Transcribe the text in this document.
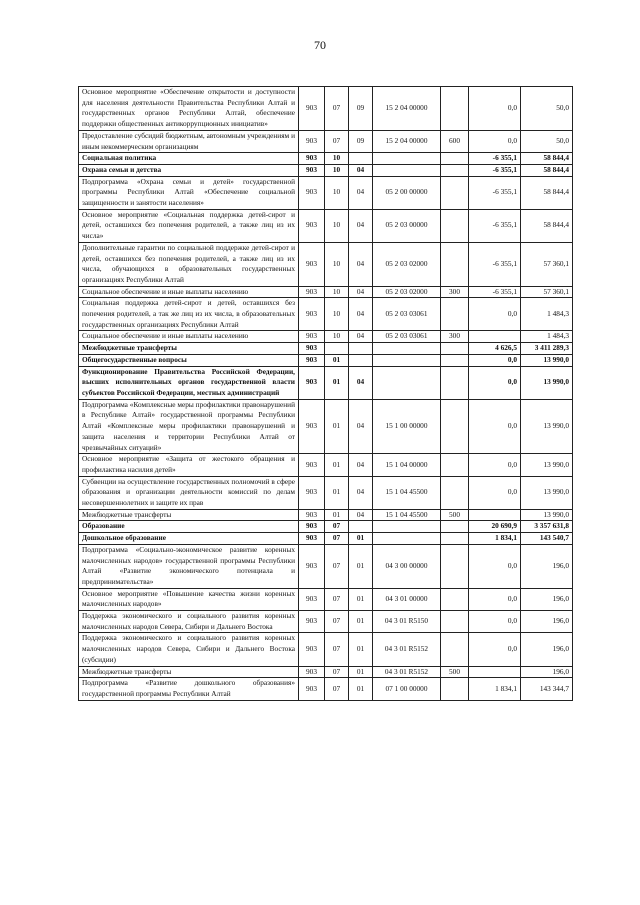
70
Основное мероприятие «Обеспечение открытости и доступности для населения деятельности Правительства Республики Алтай и государственных органов Республики Алтай, обеспечение поддержки общественных антикоррупционных инициатив»	903	07	09	15 2 04 00000		0,0	50,0
Предоставление субсидий бюджетным, автономным учреждениям и иным некоммерческим организациям	903	07	09	15 2 04 00000	600	0,0	50,0
Социальная политика	903	10				-6 355,1	58 844,4
Охрана семьи и детства	903	10	04			-6 355,1	58 844,4
Подпрограмма «Охрана семьи и детей» государственной программы Республики Алтай «Обеспечение социальной защищенности и занятости населения»	903	10	04	05 2 00 00000		-6 355,1	58 844,4
Основное мероприятие «Социальная поддержка детей-сирот и детей, оставшихся без попечения родителей, а также лиц из их числа»	903	10	04	05 2 03 00000		-6 355,1	58 844,4
Дополнительные гарантии по социальной поддержке детей-сирот и детей, оставшихся без попечения родителей, а также лиц из их числа, обучающихся в образовательных государственных организациях Республики Алтай	903	10	04	05 2 03 02000		-6 355,1	57 360,1
Социальное обеспечение и иные выплаты населению	903	10	04	05 2 03 02000	300	-6 355,1	57 360,1
Социальная поддержка детей-сирот и детей, оставшихся без попечения родителей, а так же лиц из их числа, в образовательных государственных организациях Республики Алтай	903	10	04	05 2 03 03061		0,0	1 484,3
Социальное обеспечение и иные выплаты населению	903	10	04	05 2 03 03061	300		1 484,3
Межбюджетные трансферты	903					4 626,5	3 411 289,3
Общегосударственные вопросы	903	01				0,0	13 990,0
Функционирование Правительства Российской Федерации, высших исполнительных органов государственной власти субъектов Российской Федерации, местных администраций	903	01	04			0,0	13 990,0
Подпрограмма «Комплексные меры профилактики правонарушений в Республике Алтай» государственной программы Республики Алтай «Комплексные меры профилактики правонарушений и защита населения и территории Республики Алтай от чрезвычайных ситуаций»	903	01	04	15 1 00 00000		0,0	13 990,0
Основное мероприятие «Защита от жестокого обращения и профилактика насилия детей»	903	01	04	15 1 04 00000		0,0	13 990,0
Субвенции на осуществление государственных полномочий в сфере образования и организации деятельности комиссий по делам несовершеннолетних и защите их прав	903	01	04	15 1 04 45500		0,0	13 990,0
Межбюджетные трансферты	903	01	04	15 1 04 45500	500		13 990,0
Образование	903	07				20 690,9	3 357 631,8
Дошкольное образование	903	07	01			1 834,1	143 540,7
Подпрограмма «Социально-экономическое развитие коренных малочисленных народов» государственной программы Республики Алтай «Развитие экономического потенциала и предпринимательства»	903	07	01	04 3 00 00000		0,0	196,0
Основное мероприятие «Повышение качества жизни коренных малочисленных народов»	903	07	01	04 3 01 00000		0,0	196,0
Поддержка экономического и социального развития коренных малочисленных народов Севера, Сибири и Дальнего Востока	903	07	01	04 3 01 R5150		0,0	196,0
Поддержка экономического и социального развития коренных малочисленных народов Севера, Сибири и Дальнего Востока (субсидии)	903	07	01	04 3 01 R5152		0,0	196,0
Межбюджетные трансферты	903	07	01	04 3 01 R5152	500		196,0
Подпрограмма «Развитие дошкольного образования» государственной программы Республики Алтай	903	07	01	07 1 00 00000		1 834,1	143 344,7
